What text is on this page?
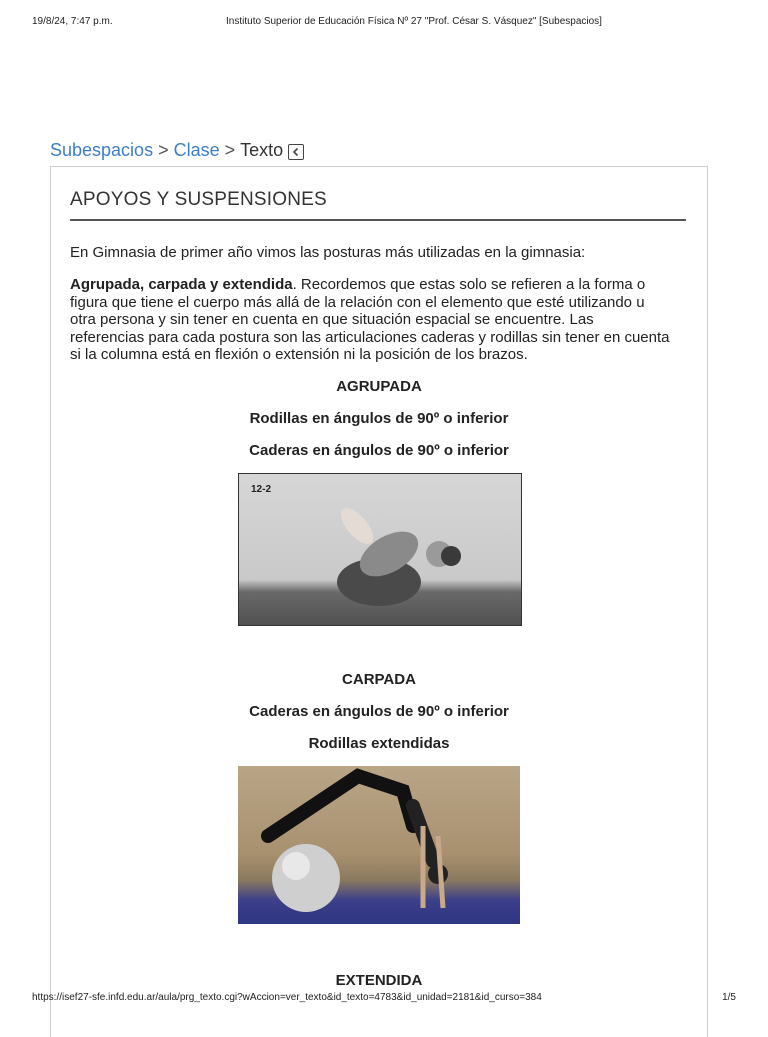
19/8/24, 7:47 p.m.	Instituto Superior de Educación Física Nº 27 "Prof. César S. Vásquez" [Subespacios]
Subespacios > Clase > Texto
APOYOS Y SUSPENSIONES
En Gimnasia de primer año vimos las posturas más utilizadas en la gimnasia:
Agrupada, carpada y extendida. Recordemos que estas solo se refieren a la forma o figura que tiene el cuerpo más allá de la relación con el elemento que esté utilizando u otra persona y sin tener en cuenta en que situación espacial se encuentre. Las referencias para cada postura son las articulaciones caderas y rodillas sin tener en cuenta si la columna está en flexión o extensión ni la posición de los brazos.
AGRUPADA
Rodillas en ángulos de 90º o inferior
Caderas en ángulos de 90º o inferior
12-2
CARPADA
Caderas en ángulos de 90º o inferior
Rodillas extendidas
EXTENDIDA
https://isef27-sfe.infd.edu.ar/aula/prg_texto.cgi?wAccion=ver_texto&id_texto=4783&id_unidad=2181&id_curso=384	1/5
